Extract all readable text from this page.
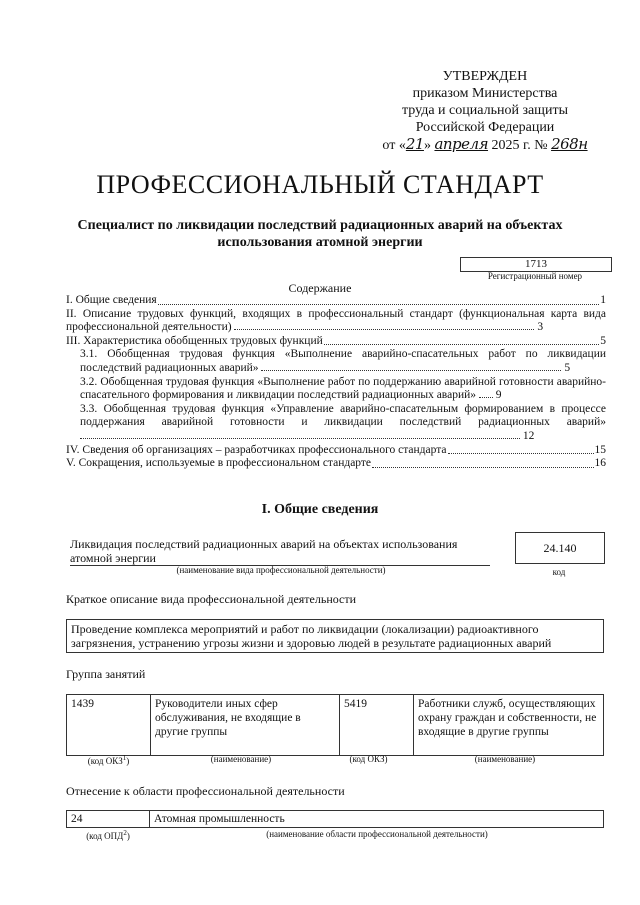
УТВЕРЖДЕН
приказом Министерства
труда и социальной защиты
Российской Федерации
от «21» апреля 2025 г. № 268н
ПРОФЕССИОНАЛЬНЫЙ СТАНДАРТ
Специалист по ликвидации последствий радиационных аварий на объектах использования атомной энергии
1713
Регистрационный номер
Содержание
I. Общие сведения	1
II. Описание трудовых функций, входящих в профессиональный стандарт (функциональная карта вида профессиональной деятельности)	3
III. Характеристика обобщенных трудовых функций	5
3.1. Обобщенная трудовая функция «Выполнение аварийно-спасательных работ по ликвидации последствий радиационных аварий»	5
3.2. Обобщенная трудовая функция «Выполнение работ по поддержанию аварийной готовности аварийно-спасательного формирования и ликвидации последствий радиационных аварий» 9
3.3. Обобщенная трудовая функция «Управление аварийно-спасательным формированием в процессе поддержания аварийной готовности и ликвидации последствий радиационных аварий»  12
IV. Сведения об организациях – разработчиках профессионального стандарта	15
V. Сокращения, используемые в профессиональном стандарте	16
I. Общие сведения
Ликвидация последствий радиационных аварий на объектах использования атомной энергии
24.140
(наименование вида профессиональной деятельности)	код
Краткое описание вида профессиональной деятельности
Проведение комплекса мероприятий и работ по ликвидации (локализации) радиоактивного загрязнения, устранению угрозы жизни и здоровью людей в результате радиационных аварий
Группа занятий
1439	Руководители иных сфер обслуживания, не входящие в другие группы	5419	Работники служб, осуществляющих охрану граждан и собственности, не входящие в другие группы
(код ОКЗ$^1$)	(наименование)	(код ОКЗ)	(наименование)
Отнесение к области профессиональной деятельности
24	Атомная промышленность
(код ОПД$^2$)	(наименование области профессиональной деятельности)
